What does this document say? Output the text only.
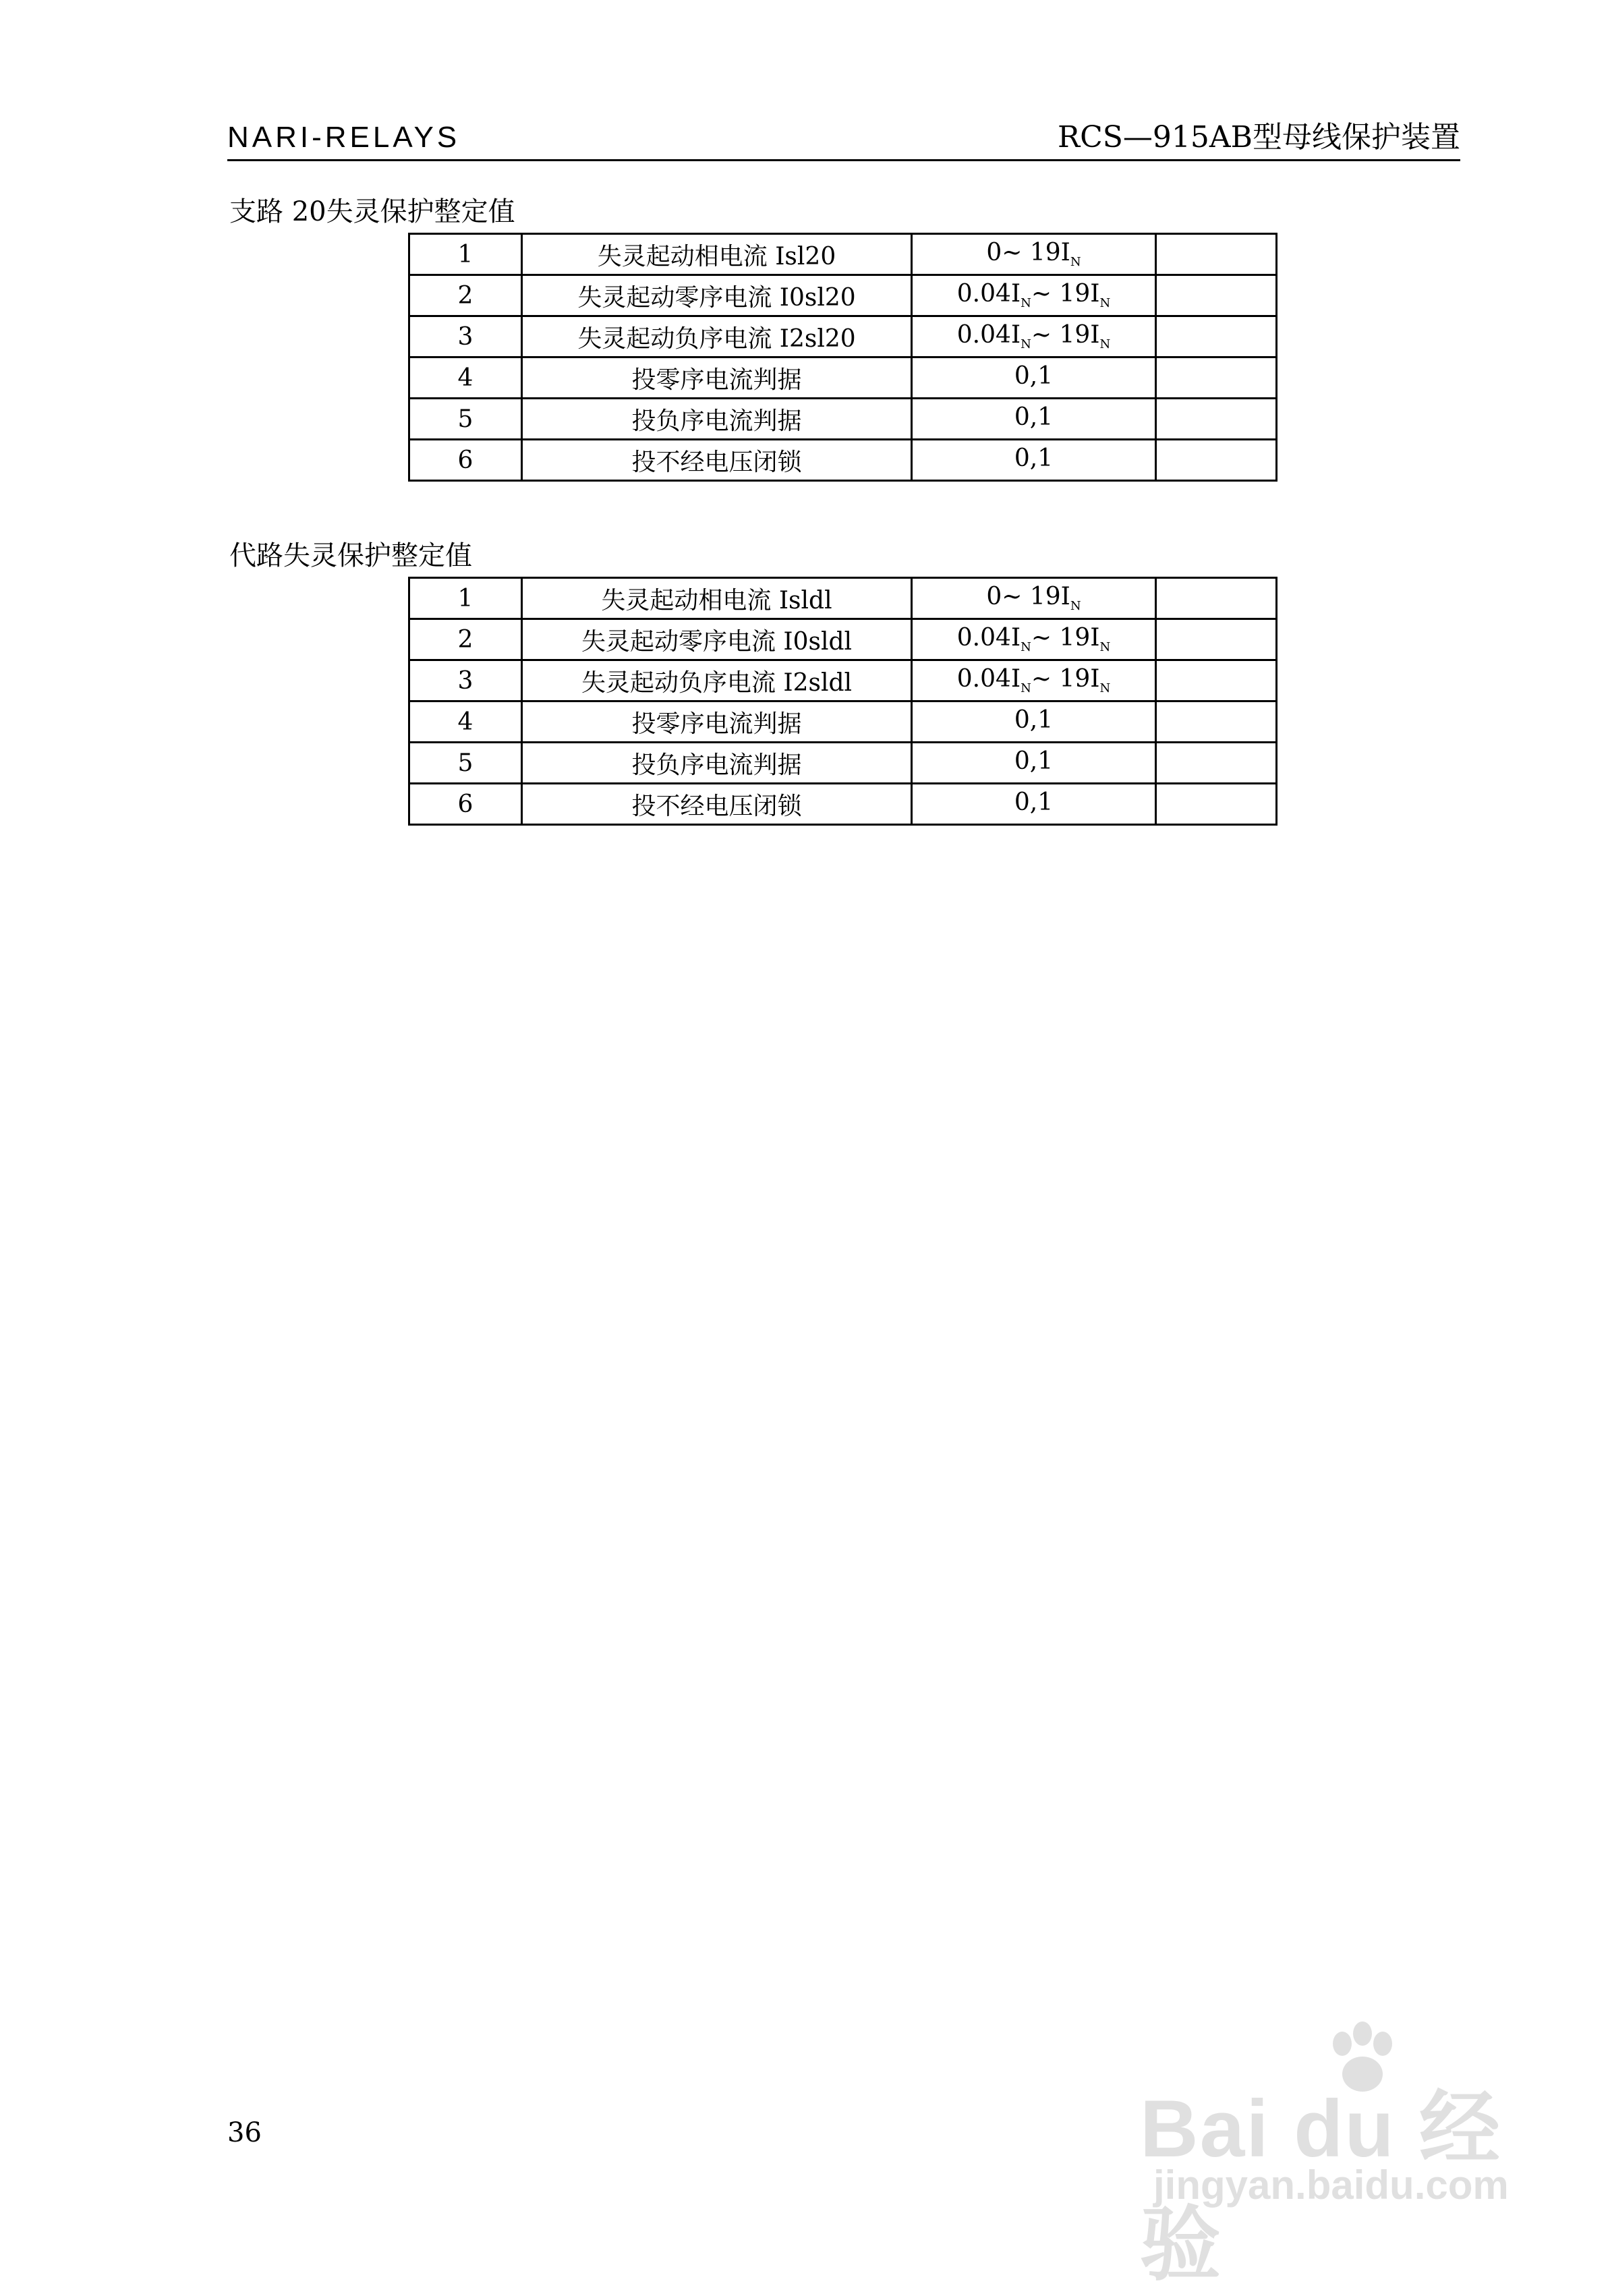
NARI-RELAYS	RCS—915AB型母线保护装置
支路 20失灵保护整定值
1	失灵起动相电流 Isl20	0~ $19I_N$	
2	失灵起动零序电流 I0sl20	$0.04I_N\sim$ $19I_N$	
3	失灵起动负序电流 I2sl20	$0.04I_N\sim$ $19I_N$	
4	投零序电流判据	0,1	
5	投负序电流判据	0,1	
6	投不经电压闭锁	0,1	
代路失灵保护整定值
1	失灵起动相电流 Isldl	0~ $19I_N$	
2	失灵起动零序电流 I0sldl	$0.04I_N\sim$ $19I_N$	
3	失灵起动负序电流 I2sldl	$0.04I_N\sim$ $19I_N$	
4	投零序电流判据	0,1	
5	投负序电流判据	0,1	
6	投不经电压闭锁	0,1	
36	Bai du 经验
jingyan.baidu.com
